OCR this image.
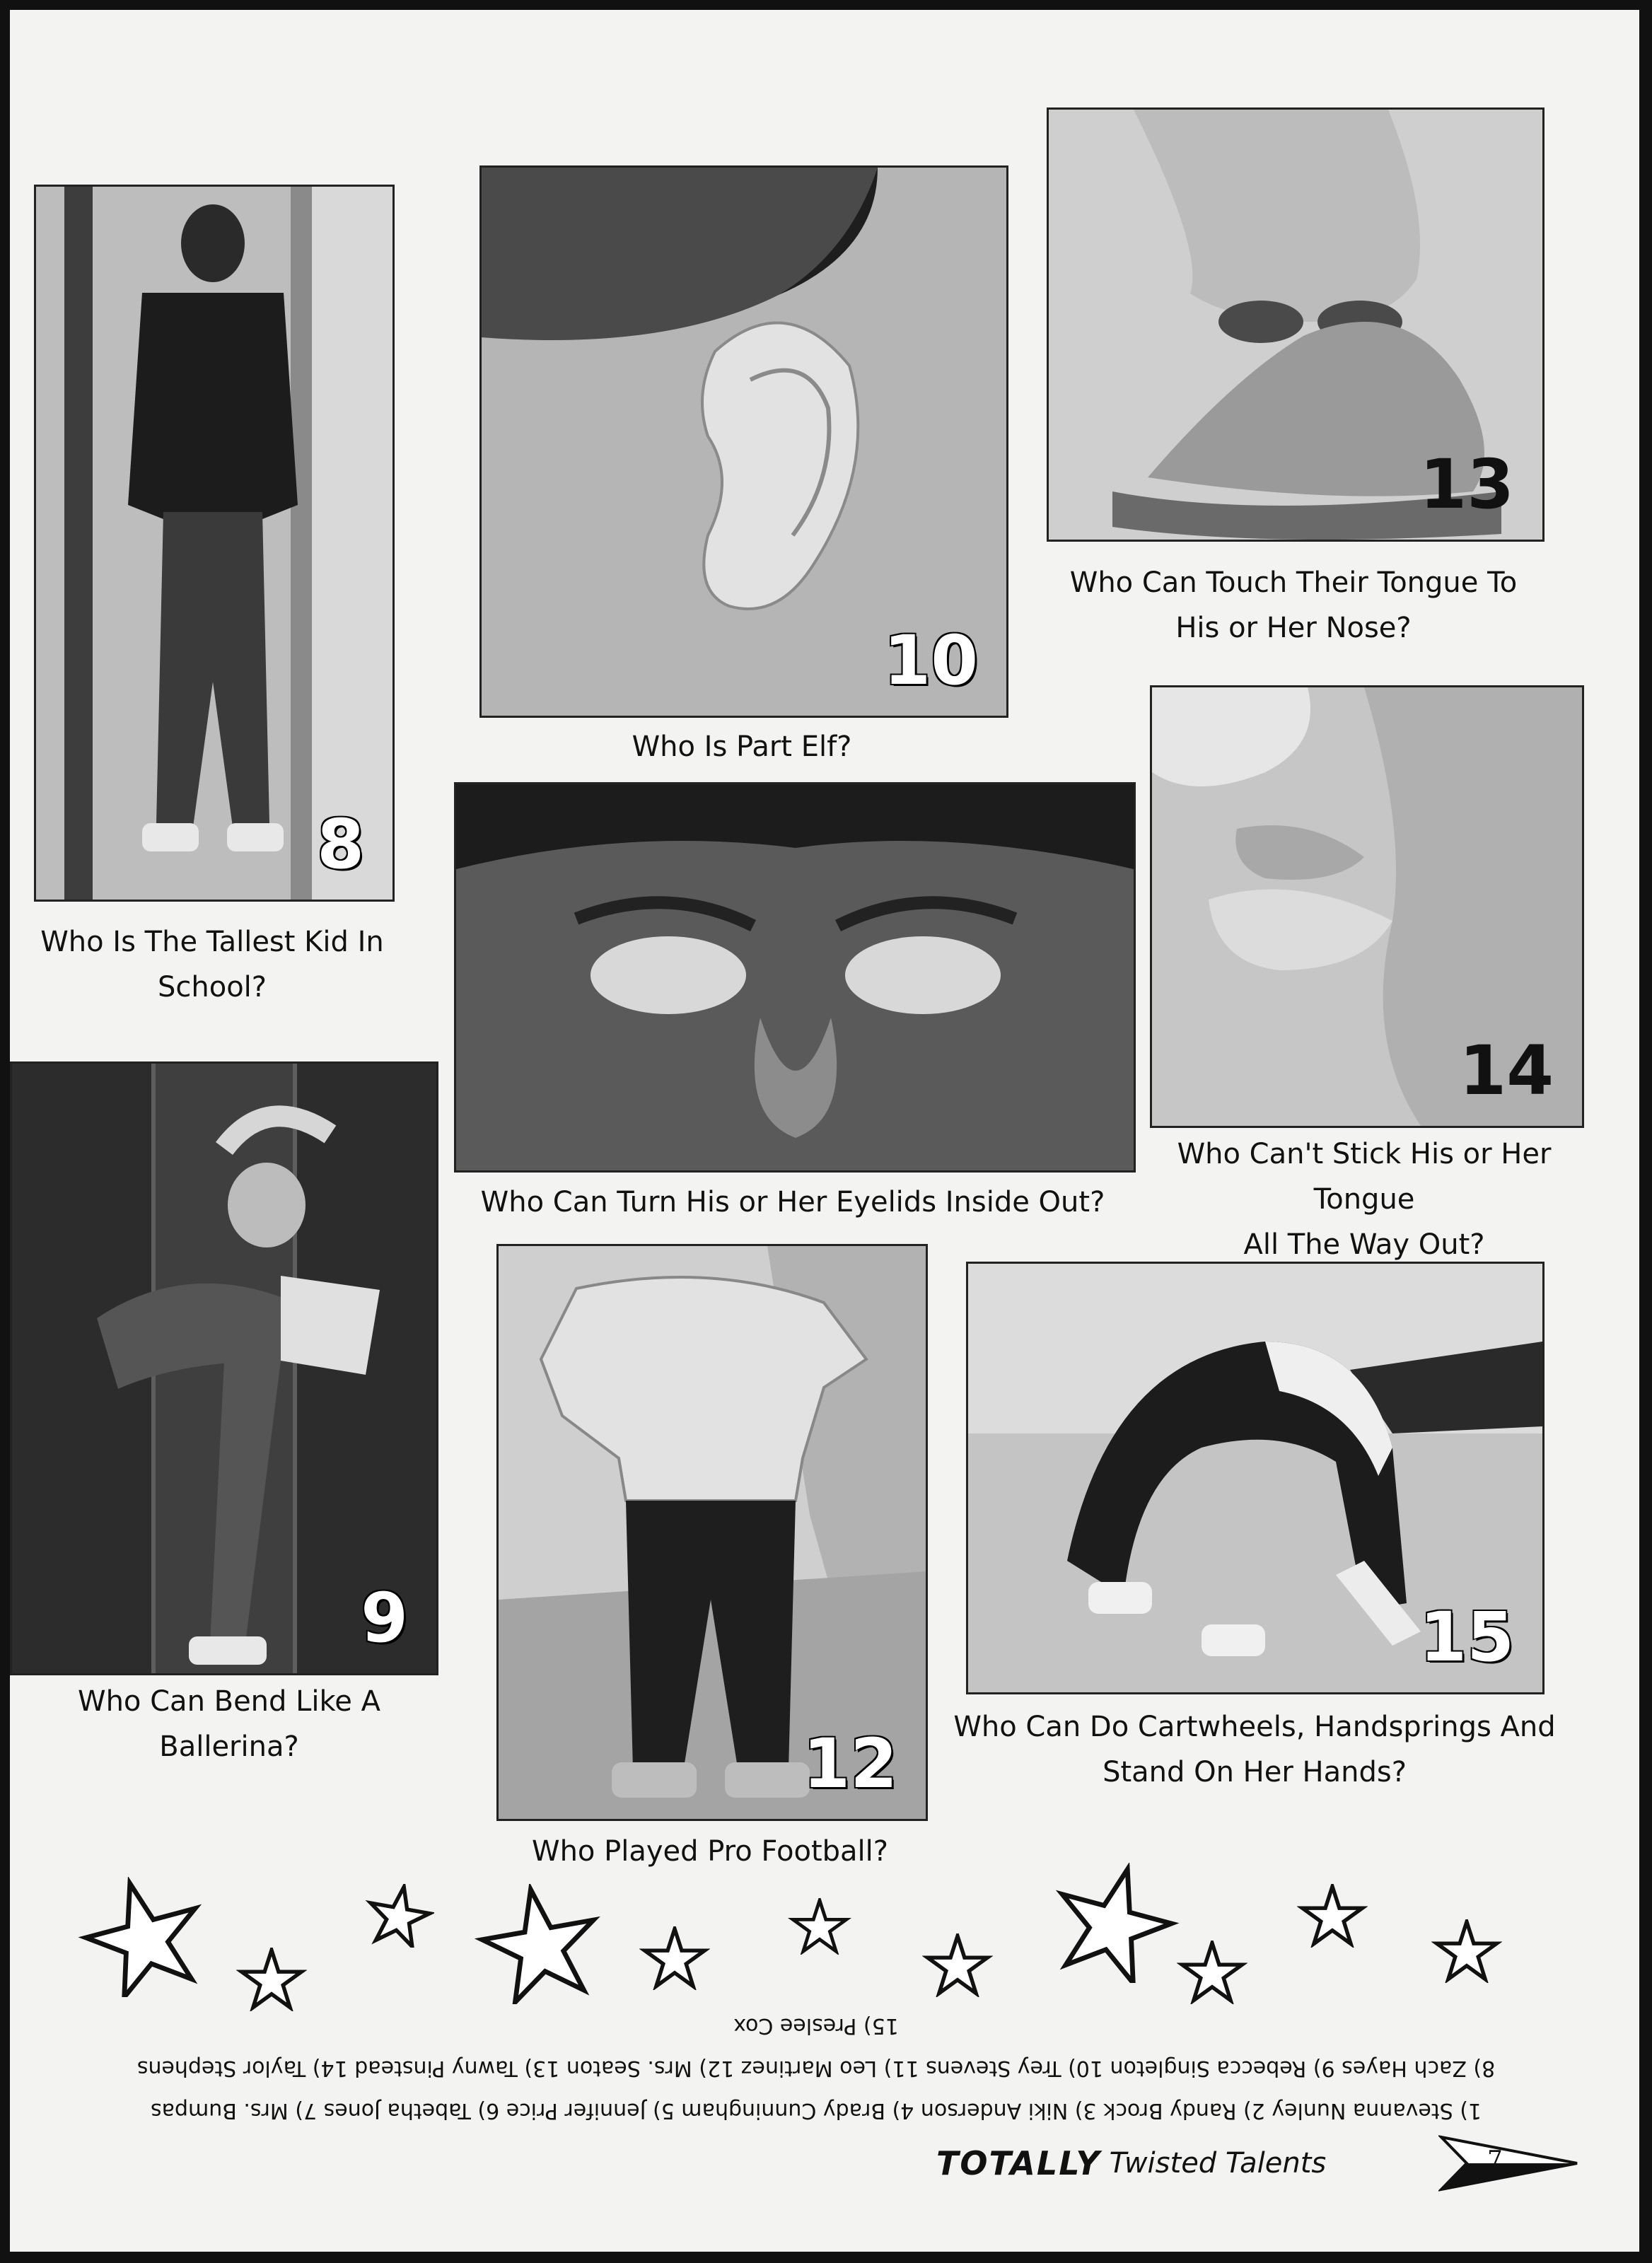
8
Who Is The Tallest Kid In
School?
10
Who Is Part Elf?
13
Who Can Touch Their Tongue To
His or Her Nose?
14
Who Can't Stick His or Her Tongue
All The Way Out?
Who Can Turn His or Her Eyelids Inside Out?
9
Who Can Bend Like A
Ballerina?	12
Who Played Pro Football?
15
Who Can Do Cartwheels, Handsprings And
Stand On Her Hands?
1) Stevanna Nunley 2) Randy Brock 3) Niki Anderson 4) Brady Cunningham 5) Jennifer Price 6) Tabetha Jones 7) Mrs. Bumpas
8) Zach Hayes 9) Rebecca Singleton 10) Trey Stevens 11) Leo Martinez 12) Mrs. Seaton 13) Tawny Pinstead 14) Taylor Stephens
15) Preslee Cox
TOTALLY Twisted Talents	7
